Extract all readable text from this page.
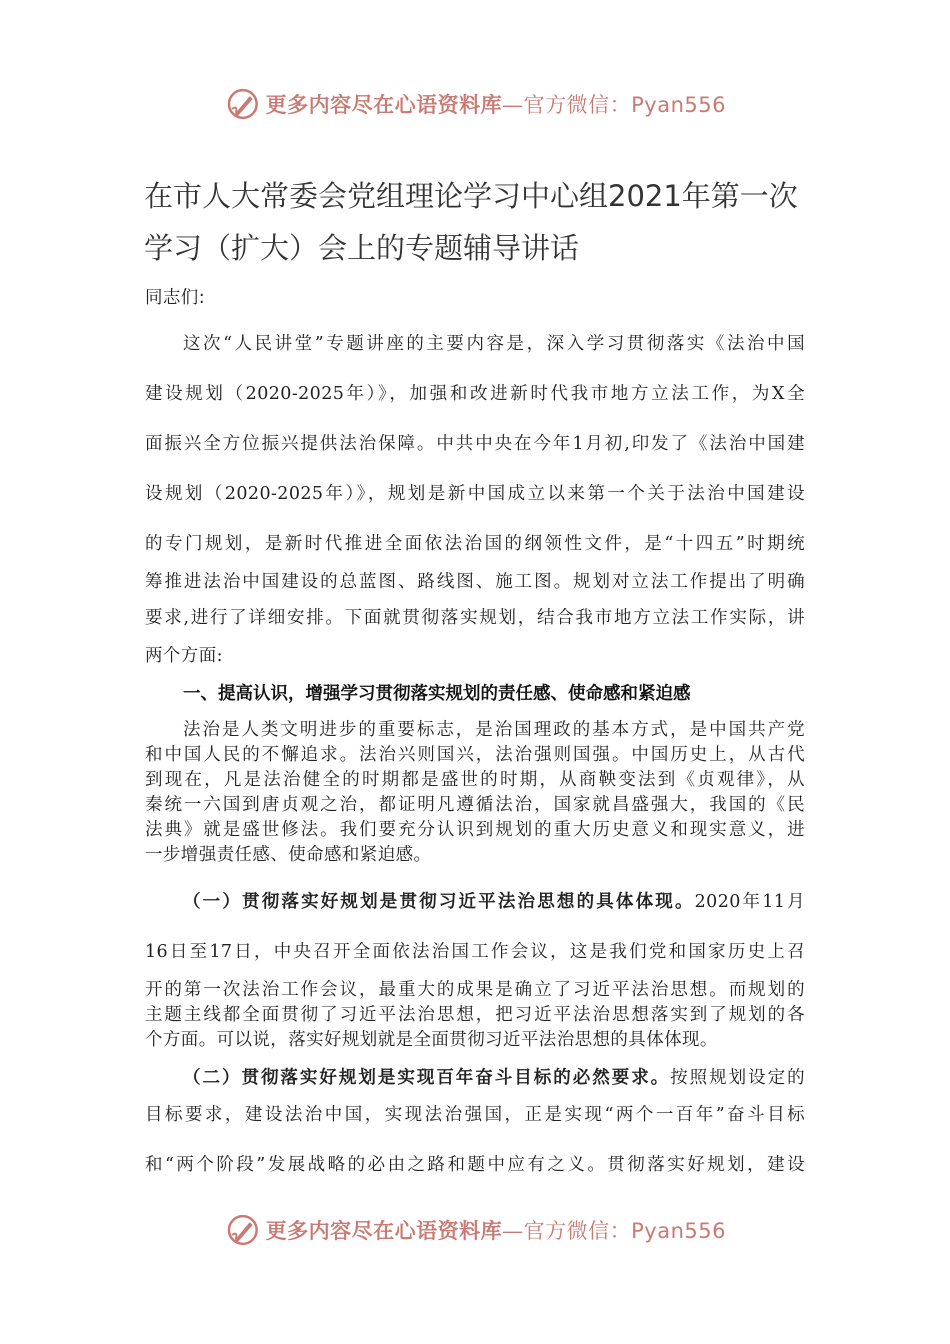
更多内容尽在心语资料库—官方微信：Pyan556
在市人大常委会党组理论学习中心组2021年第一次学习（扩大）会上的专题辅导讲话
同志们:
这次“人民讲堂”专题讲座的主要内容是，深入学习贯彻落实《法治中国
建设规划（2020-2025年）》，加强和改进新时代我市地方立法工作，为X全
面振兴全方位振兴提供法治保障。中共中央在今年1月初,印发了《法治中国建
设规划（2020-2025年）》，规划是新中国成立以来第一个关于法治中国建设
的专门规划，是新时代推进全面依法治国的纲领性文件，是“十四五”时期统
筹推进法治中国建设的总蓝图、路线图、施工图。规划对立法工作提出了明确
要求,进行了详细安排。下面就贯彻落实规划，结合我市地方立法工作实际，讲
两个方面:
一、提高认识，增强学习贯彻落实规划的责任感、使命感和紧迫感
法治是人类文明进步的重要标志，是治国理政的基本方式，是中国共产党
和中国人民的不懈追求。法治兴则国兴，法治强则国强。中国历史上，从古代
到现在，凡是法治健全的时期都是盛世的时期，从商鞅变法到《贞观律》，从
秦统一六国到唐贞观之治，都证明凡遵循法治，国家就昌盛强大，我国的《民
法典》就是盛世修法。我们要充分认识到规划的重大历史意义和现实意义，进
一步增强责任感、使命感和紧迫感。
（一）贯彻落实好规划是贯彻习近平法治思想的具体体现。2020年11月
16日至17日，中央召开全面依法治国工作会议，这是我们党和国家历史上召
开的第一次法治工作会议，最重大的成果是确立了习近平法治思想。而规划的
主题主线都全面贯彻了习近平法治思想，把习近平法治思想落实到了规划的各
个方面。可以说，落实好规划就是全面贯彻习近平法治思想的具体体现。
（二）贯彻落实好规划是实现百年奋斗目标的必然要求。按照规划设定的
目标要求，建设法治中国，实现法治强国，正是实现“两个一百年”奋斗目标
和“两个阶段”发展战略的必由之路和题中应有之义。贯彻落实好规划，建设
更多内容尽在心语资料库—官方微信：Pyan556
